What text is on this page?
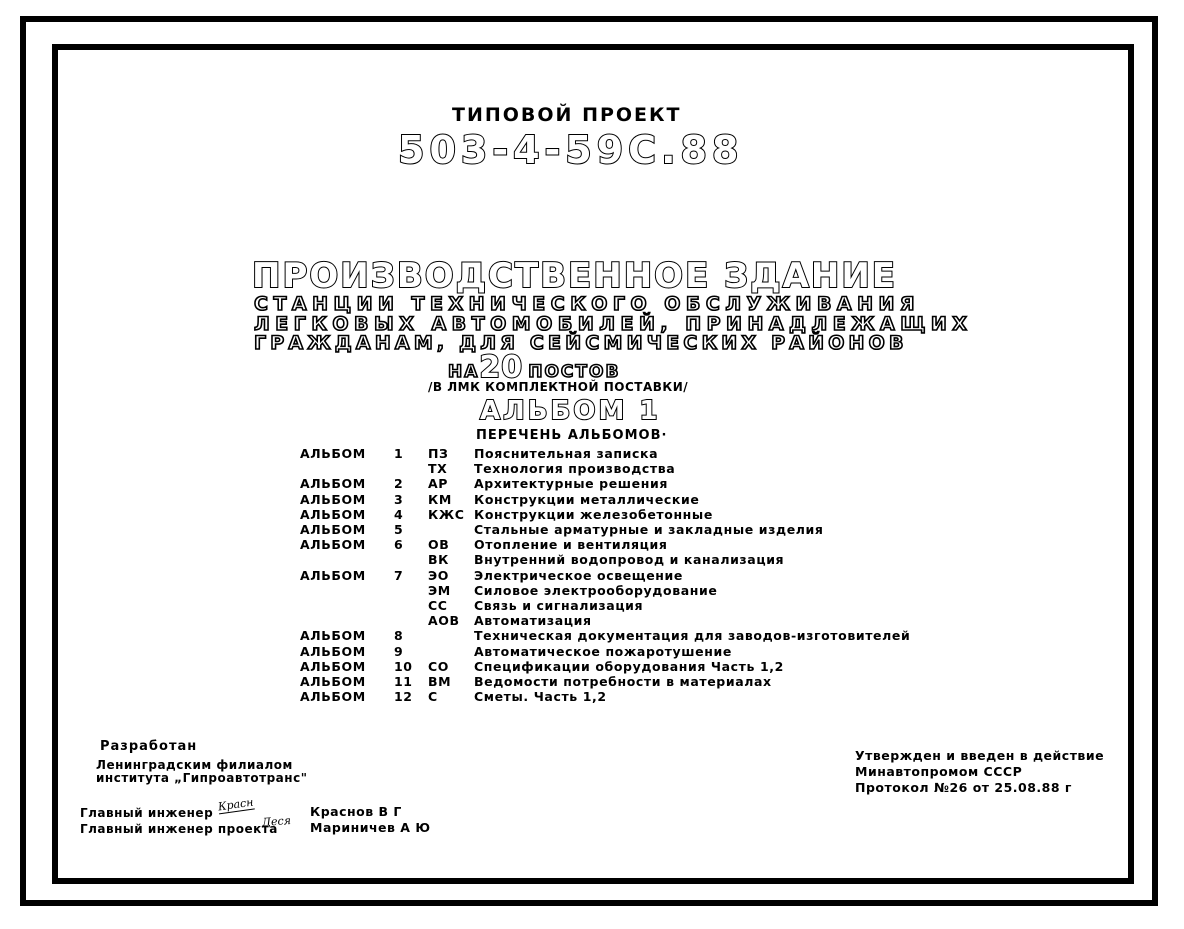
ТИПОВОЙ ПРОЕКТ
503-4-59С.88
ПРОИЗВОДСТВЕННОЕ ЗДАНИЕ
СТАНЦИИ ТЕХНИЧЕСКОГО ОБСЛУЖИВАНИЯ
ЛЕГКОВЫХ АВТОМОБИЛЕЙ, ПРИНАДЛЕЖАЩИХ
ГРАЖДАНАМ, ДЛЯ СЕЙСМИЧЕСКИХ РАЙОНОВ
НА20 ПОСТОВ
/В ЛМК КОМПЛЕКТНОЙ ПОСТАВКИ/
АЛЬБОМ 1
ПЕРЕЧЕНЬ АЛЬБОМОВ·
АЛЬБОМ 1 ПЗ Пояснительная записка
ТХ Технология производства
АЛЬБОМ 2 АР Архитектурные решения
АЛЬБОМ 3 КМ Конструкции металлические
АЛЬБОМ 4 КЖС Конструкции железобетонные
АЛЬБОМ 5	Стальные арматурные и закладные изделия
АЛЬБОМ 6 ОВ Отопление и вентиляция
ВК Внутренний водопровод и канализация
АЛЬБОМ 7 ЭО Электрическое освещение
ЭМ Силовое электрооборудование
СС Связь и сигнализация
АОВ Автоматизация
АЛЬБОМ 8	Техническая документация для заводов-изготовителей
АЛЬБОМ 9	Автоматическое пожаротушение
АЛЬБОМ 10 СО Спецификации оборудования Часть 1,2
АЛЬБОМ 11 ВМ Ведомости потребности в материалах
АЛЬБОМ 12 С	Сметы. Часть 1,2
Разработан
Ленинградским филиалом
института „Гипроавтотранс"
Утвержден и введен в действие
Минавтопромом СССР
Протокол №26 от 25.08.88 г
Главный инженер Красн	Краснов В Г
Главный инженер проекта
Деся Мариничев А Ю
